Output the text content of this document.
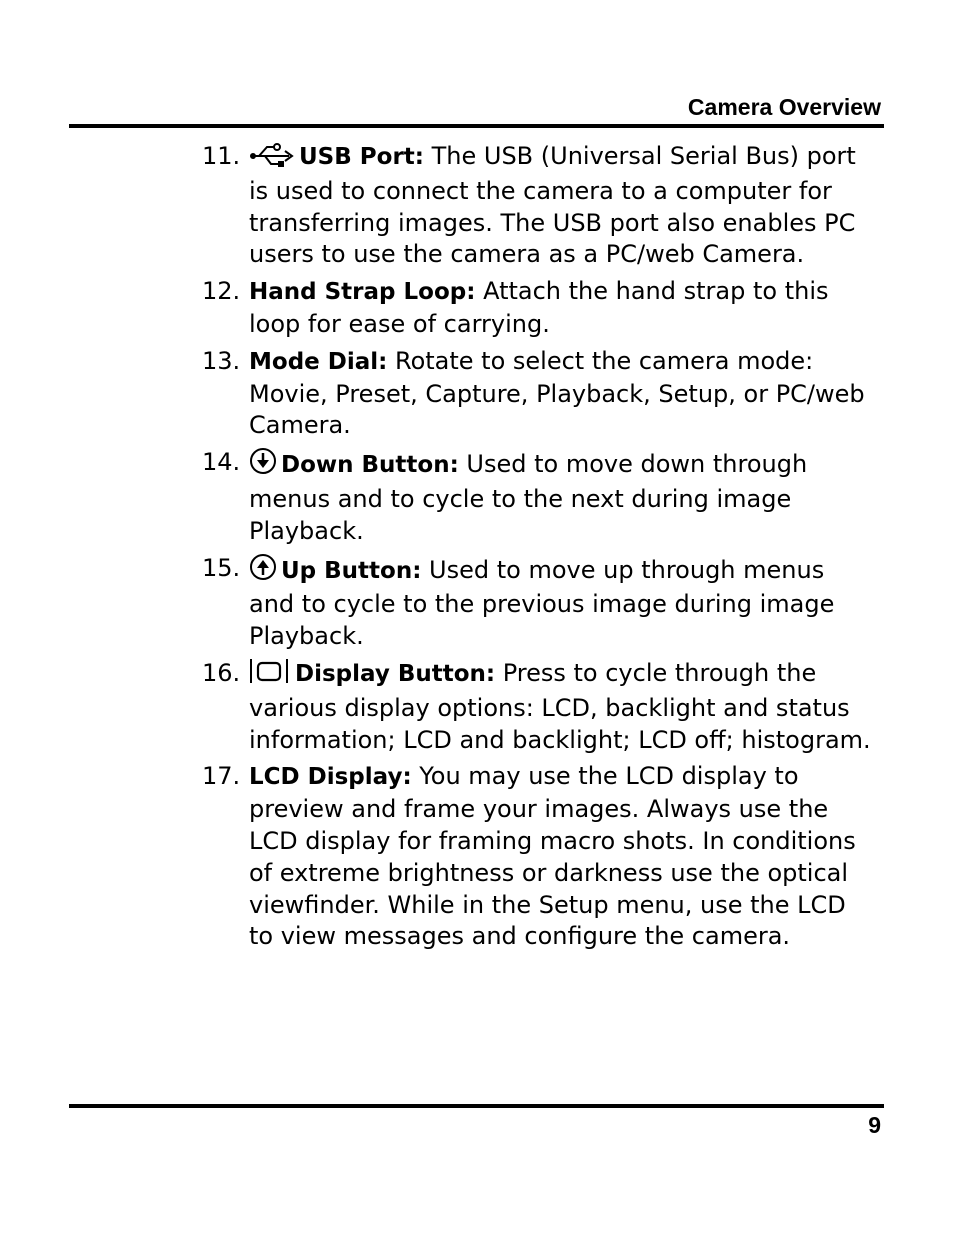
Camera Overview
11.	USB Port: The USB (Universal Serial Bus) port is used to connect the camera to a computer for transferring images. The USB port also enables PC users to use the camera as a PC/web Camera.
12. Hand Strap Loop: Attach the hand strap to this loop for ease of carrying.
13. Mode Dial: Rotate to select the camera mode: Movie, Preset, Capture, Playback, Setup, or PC/web Camera.
14. Down Button: Used to move down through menus and to cycle to the next during image Playback.
15. Up Button: Used to move up through menus and to cycle to the previous image during image Playback.
16. Display Button: Press to cycle through the various display options: LCD, backlight and status information; LCD and backlight; LCD off; histogram.
17. LCD Display: You may use the LCD display to preview and frame your images. Always use the LCD display for framing macro shots. In conditions of extreme brightness or darkness use the optical viewfinder. While in the Setup menu, use the LCD to view messages and configure the camera.
9
